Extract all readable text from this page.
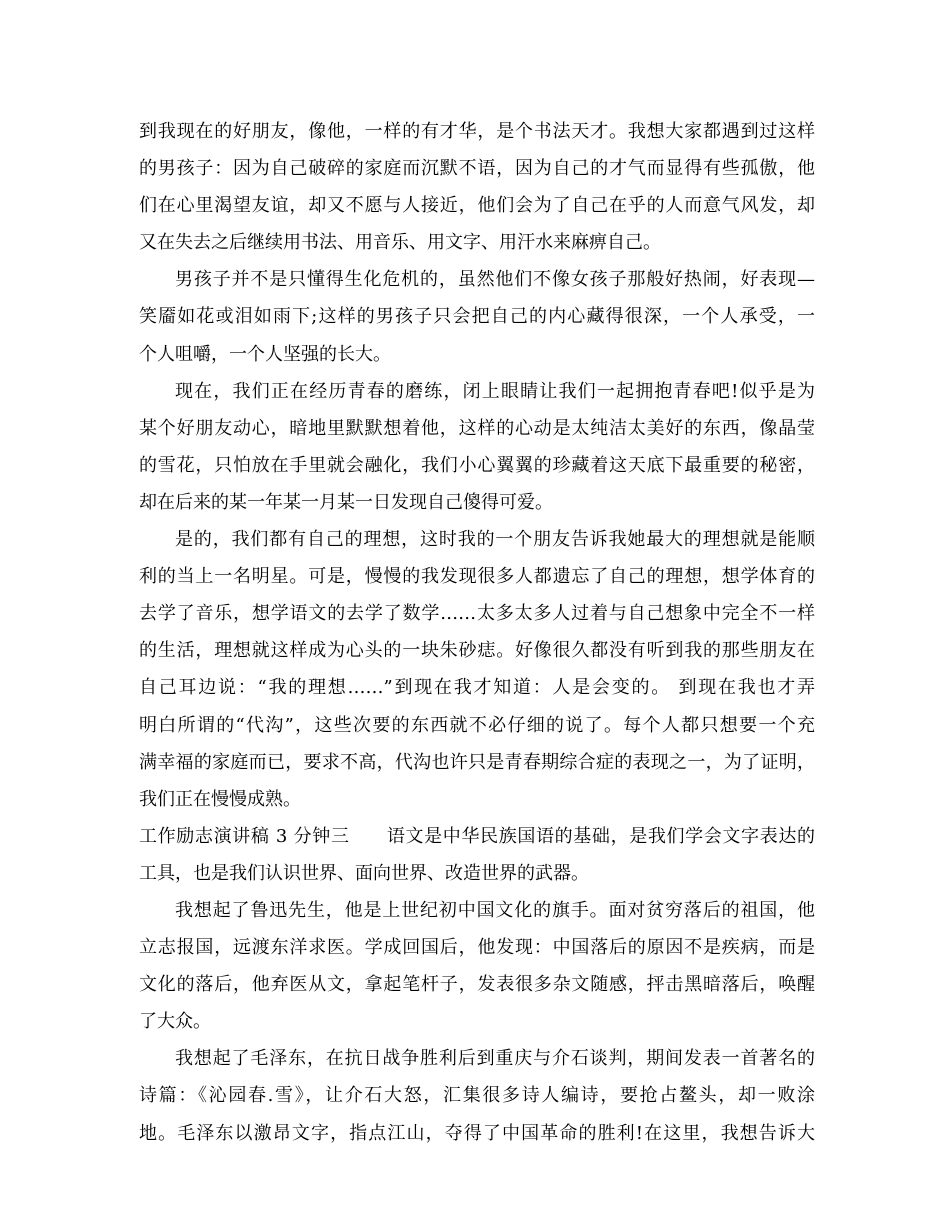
到我现在的好朋友，像他，一样的有才华，是个书法天才。我想大家都遇到过这样
的男孩子：因为自己破碎的家庭而沉默不语，因为自己的才气而显得有些孤傲，他
们在心里渴望友谊，却又不愿与人接近，他们会为了自己在乎的人而意气风发，却
又在失去之后继续用书法、用音乐、用文字、用汗水来麻痹自己。
男孩子并不是只懂得生化危机的，虽然他们不像女孩子那般好热闹，好表现—
笑靥如花或泪如雨下;这样的男孩子只会把自己的内心藏得很深，一个人承受，一
个人咀嚼，一个人坚强的长大。
现在，我们正在经历青春的磨练，闭上眼睛让我们一起拥抱青春吧!似乎是为
某个好朋友动心，暗地里默默想着他，这样的心动是太纯洁太美好的东西，像晶莹
的雪花，只怕放在手里就会融化，我们小心翼翼的珍藏着这天底下最重要的秘密，
却在后来的某一年某一月某一日发现自己傻得可爱。
是的，我们都有自己的理想，这时我的一个朋友告诉我她最大的理想就是能顺
利的当上一名明星。可是，慢慢的我发现很多人都遗忘了自己的理想，想学体育的
去学了音乐，想学语文的去学了数学……太多太多人过着与自己想象中完全不一样
的生活，理想就这样成为心头的一块朱砂痣。好像很久都没有听到我的那些朋友在
自己耳边说：“我的理想……”到现在我才知道：人是会变的。 到现在我也才弄
明白所谓的“代沟”，这些次要的东西就不必仔细的说了。每个人都只想要一个充
满幸福的家庭而已，要求不高，代沟也许只是青春期综合症的表现之一，为了证明，
我们正在慢慢成熟。
工作励志演讲稿 3 分钟三　　语文是中华民族国语的基础，是我们学会文字表达的
工具，也是我们认识世界、面向世界、改造世界的武器。
我想起了鲁迅先生，他是上世纪初中国文化的旗手。面对贫穷落后的祖国，他
立志报国，远渡东洋求医。学成回国后，他发现：中国落后的原因不是疾病，而是
文化的落后，他弃医从文，拿起笔杆子，发表很多杂文随感，抨击黑暗落后，唤醒
了大众。
我想起了毛泽东，在抗日战争胜利后到重庆与介石谈判，期间发表一首著名的
诗篇：《沁园春.雪》，让介石大怒，汇集很多诗人编诗，要抢占鳌头，却一败涂
地。毛泽东以激昂文字，指点江山，夺得了中国革命的胜利!在这里，我想告诉大
